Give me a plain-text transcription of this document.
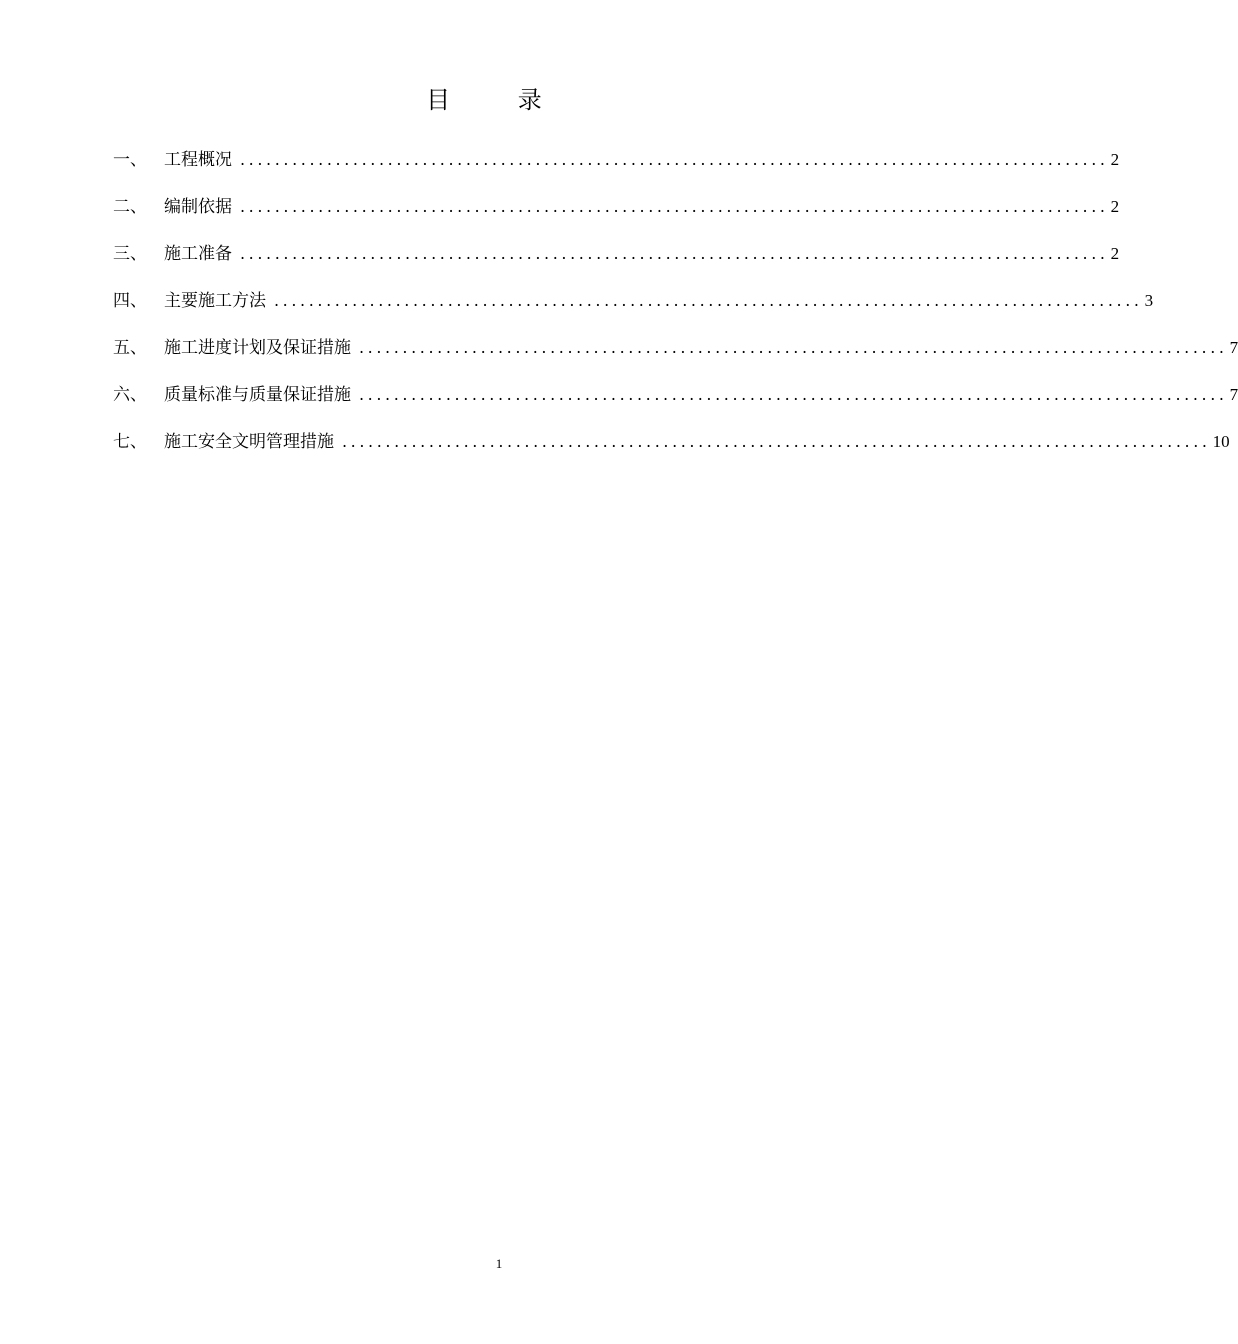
目 录
一、 工程概况 .................................................................................................... 2
二、 编制依据 .................................................................................................... 2
三、 施工准备 .................................................................................................... 2
四、 主要施工方法 .................................................................................................... 3
五、 施工进度计划及保证措施 .................................................................................................... 7
六、 质量标准与质量保证措施 .................................................................................................... 7
七、 施工安全文明管理措施 .................................................................................................... 10
1
